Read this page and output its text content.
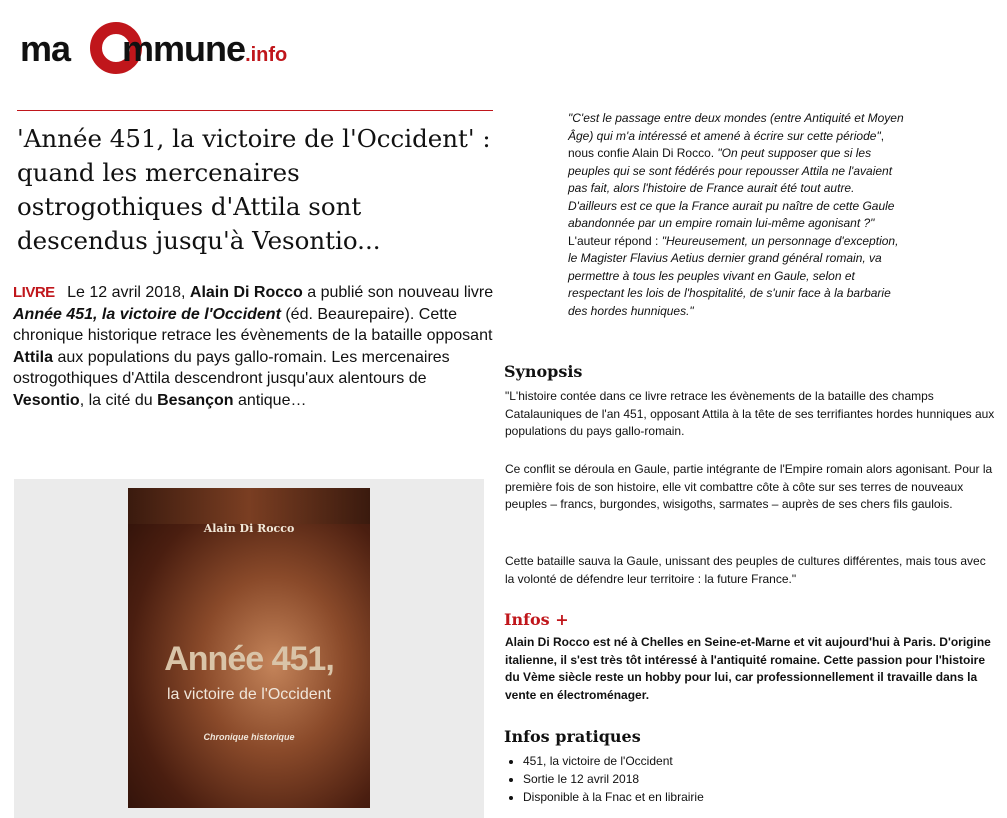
ma mmune.info
'Année 451, la victoire de l'Occident' : quand les mercenaires ostrogothiques d'Attila sont descendus jusqu'à Vesontio...

LIVRE Le 12 avril 2018, Alain Di Rocco a publié son nouveau livre Année 451, la victoire de l'Occident (éd. Beaurepaire). Cette chronique historique retrace les évènements de la bataille opposant Attila aux populations du pays gallo-romain. Les mercenaires ostrogothiques d'Attila descendront jusqu'aux alentours de Vesontio, la cité du Besançon antique…

Alain Di Rocco
Année 451,
la victoire de l'Occident
Chronique historique

"C'est le passage entre deux mondes (entre Antiquité et Moyen Âge) qui m'a intéressé et amené à écrire sur cette période", nous confie Alain Di Rocco. "On peut supposer que si les peuples qui se sont fédérés pour repousser Attila ne l'avaient pas fait, alors l'histoire de France aurait été tout autre. D'ailleurs est ce que la France aurait pu naître de cette Gaule abandonnée par un empire romain lui-même agonisant ?" L'auteur répond : "Heureusement, un personnage d'exception, le Magister Flavius Aetius dernier grand général romain, va permettre à tous les peuples vivant en Gaule, selon et respectant les lois de l'hospitalité, de s'unir face à la barbarie des hordes hunniques."

Synopsis

"L'histoire contée dans ce livre retrace les évènements de la bataille des champs Catalauniques de l'an 451, opposant Attila à la tête de ses terrifiantes hordes hunniques aux populations du pays gallo-romain.

Ce conflit se déroula en Gaule, partie intégrante de l'Empire romain alors agonisant. Pour la première fois de son histoire, elle vit combattre côte à côte sur ses terres de nouveaux peuples – francs, burgondes, wisigoths, sarmates – auprès de ses chers fils gaulois.

Cette bataille sauva la Gaule, unissant des peuples de cultures différentes, mais tous avec la volonté de défendre leur territoire : la future France."

Infos +

Alain Di Rocco est né à Chelles en Seine-et-Marne et vit aujourd'hui à Paris. D'origine italienne, il s'est très tôt intéressé à l'antiquité romaine. Cette passion pour l'histoire du Vème siècle reste un hobby pour lui, car professionnellement il travaille dans la vente en électroménager.

Infos pratiques
• 451, la victoire de l'Occident
• Sortie le 12 avril 2018
• Disponible à la Fnac et en librairie
